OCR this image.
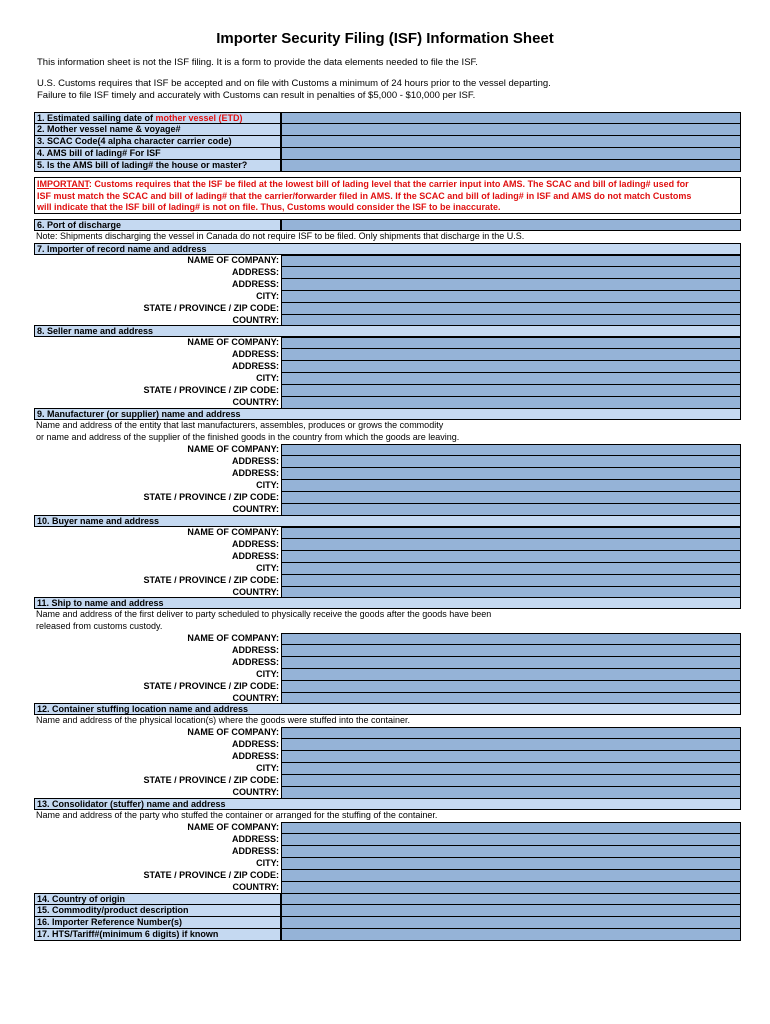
Importer Security Filing (ISF) Information Sheet
This information sheet is not the ISF filing. It is a form to provide the data elements needed to file the ISF.
U.S. Customs requires that ISF be accepted and on file with Customs a minimum of 24 hours prior to the vessel departing.
Failure to file ISF timely and accurately with Customs can result in penalties of $5,000 - $10,000 per ISF.
1. Estimated sailing date of mother vessel (ETD)
2. Mother vessel name & voyage#
3. SCAC Code(4 alpha character carrier code)
4. AMS bill of lading# For ISF
5. Is the AMS bill of lading# the house or master?
IMPORTANT: Customs requires that the ISF be filed at the lowest bill of lading level that the carrier input into AMS. The SCAC and bill of lading# used for
ISF must match the SCAC and bill of lading# that the carrier/forwarder filed in AMS. If the SCAC and bill of lading# in ISF and AMS do not match Customs
will indicate that the ISF bill of lading# is not on file. Thus, Customs would consider the ISF to be inaccurate.
6. Port of discharge
Note: Shipments discharging the vessel in Canada do not require ISF to be filed. Only shipments that discharge in the U.S.
7. Importer of record name and address
NAME OF COMPANY:
ADDRESS:
ADDRESS:
CITY:
STATE / PROVINCE / ZIP CODE:
COUNTRY:
8. Seller name and address
NAME OF COMPANY:
ADDRESS:
ADDRESS:
CITY:
STATE / PROVINCE / ZIP CODE:
COUNTRY:
9. Manufacturer (or supplier) name and address
Name and address of the entity that last manufacturers, assembles, produces or grows the commodity
or name and address of the supplier of the finished goods in the country from which the goods are leaving.
NAME OF COMPANY:
ADDRESS:
ADDRESS:
CITY:
STATE / PROVINCE / ZIP CODE:
COUNTRY:
10. Buyer name and address
NAME OF COMPANY:
ADDRESS:
ADDRESS:
CITY:
STATE / PROVINCE / ZIP CODE:
COUNTRY:
11. Ship to name and address
Name and address of the first deliver to party scheduled to physically receive the goods after the goods have been
released from customs custody.
NAME OF COMPANY:
ADDRESS:
ADDRESS:
CITY:
STATE / PROVINCE / ZIP CODE:
COUNTRY:
12. Container stuffing location name and address
Name and address of the physical location(s) where the goods were stuffed into the container.
NAME OF COMPANY:
ADDRESS:
ADDRESS:
CITY:
STATE / PROVINCE / ZIP CODE:
COUNTRY:
13. Consolidator (stuffer) name and address
Name and address of the party who stuffed the container or arranged for the stuffing of the container.
NAME OF COMPANY:
ADDRESS:
ADDRESS:
CITY:
STATE / PROVINCE / ZIP CODE:
COUNTRY:
14. Country of origin
15. Commodity/product description
16. Importer Reference Number(s)
17. HTS/Tariff#(minimum 6 digits) if known
